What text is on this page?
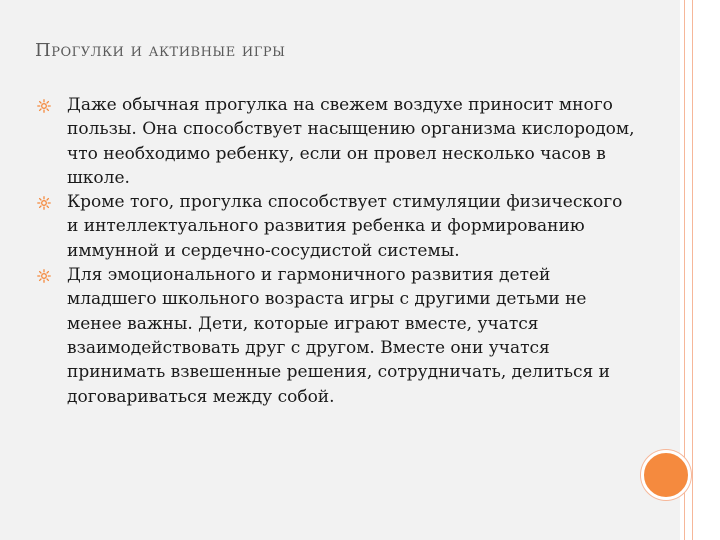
Прогулки и активные игры
Даже обычная прогулка на свежем воздухе приносит много пользы. Она способствует насыщению организма кислородом, что необходимо ребенку, если он провел несколько часов в школе.
Кроме того, прогулка способствует стимуляции физического и интеллектуального развития ребенка и формированию иммунной и сердечно-сосудистой системы.
Для эмоционального и гармоничного развития детей младшего школьного возраста игры с другими детьми не менее важны. Дети, которые играют вместе, учатся взаимодействовать друг с другом. Вместе они учатся принимать взвешенные решения, сотрудничать, делиться и договариваться между собой.
